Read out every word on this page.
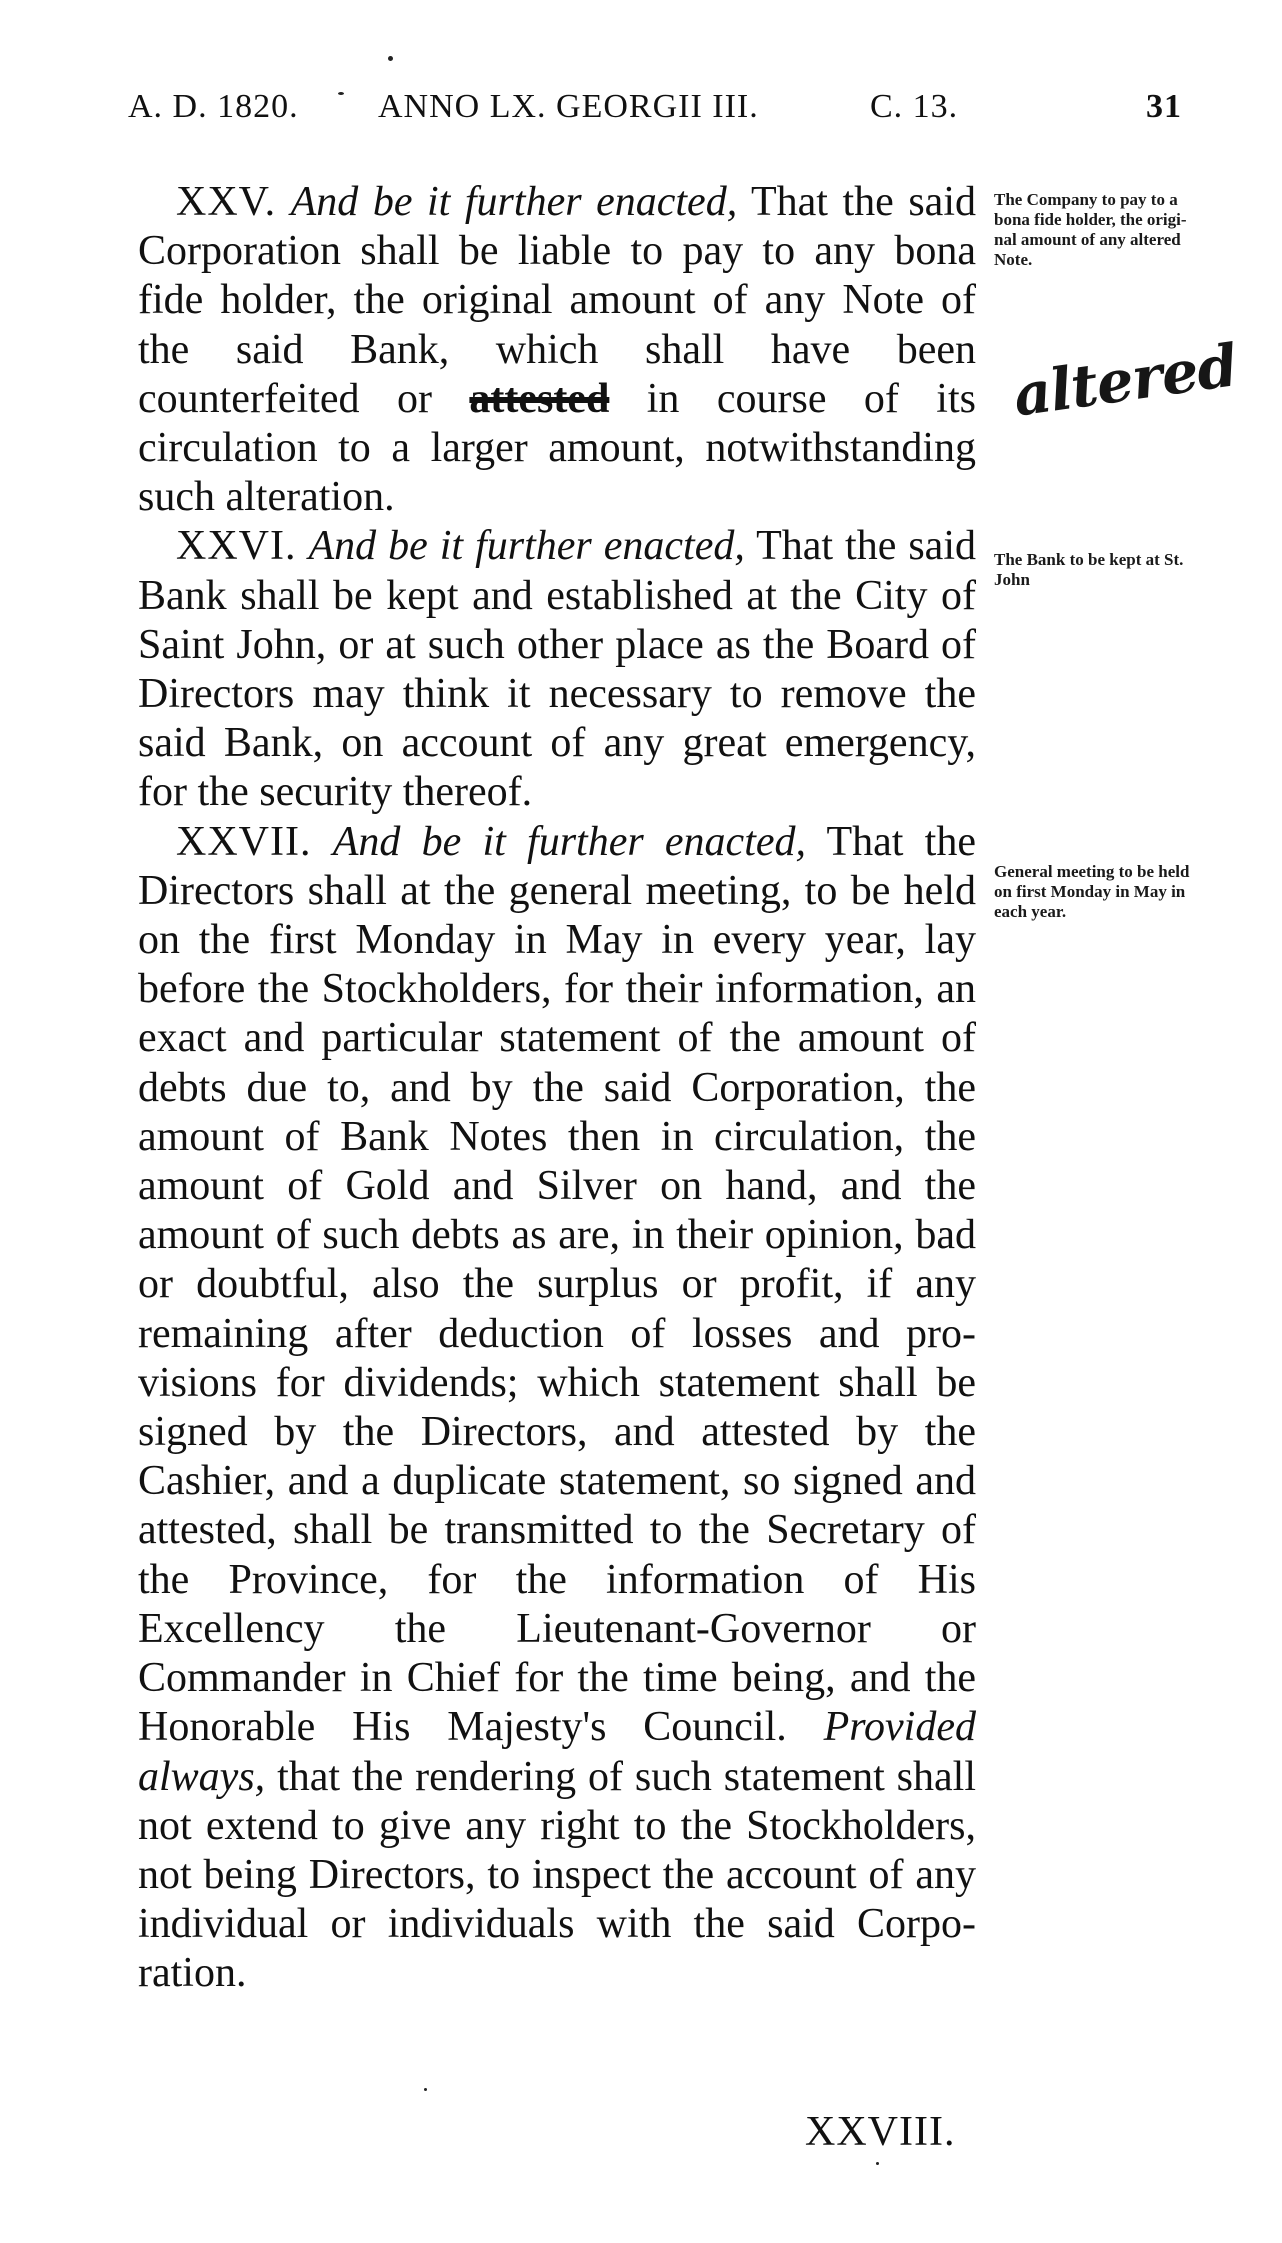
A. D. 1820. ANNO LX. GEORGII III.	C. 13.	31

XXV. And be it further enacted, That the said Corporation shall be liable to pay to any bona fide holder, the original amount of any Note of the said Bank, which shall have been counterfeited or attested in course of its circulation to a larger amount, notwithstanding such alteration.

XXVI. And be it further enacted, That the said Bank shall be kept and established at the City of Saint John, or at such other place as the Board of Directors may think it necessary to remove the said Bank, on account of any great emergency, for the security thereof.

XXVII. And be it further enacted, That the Directors shall at the general meeting, to be held on the first Monday in May in every year, lay before the Stockholders, for their information, an exact and particular statement of the amount of debts due to, and by the said Corporation, the amount of Bank Notes then in circulation, the amount of Gold and Silver on hand, and the amount of such debts as are, in their opinion, bad or doubtful, also the surplus or profit, if any remaining after deduction of losses and provisions for dividends; which statement shall be signed by the Directors, and attested by the Cashier, and a duplicate statement, so signed and attested, shall be transmitted to the Secretary of the Province, for the information of His Excellency the Lieutenant-Governor or Commander in Chief for the time being, and the Honorable His Majesty's Council. Provided always, that the rendering of such statement shall not extend to give any right to the Stockholders, not being Directors, to inspect the account of any individual or individuals with the said Corporation.

The Company to pay to a bona fide holder, the original amount of any altered Note.
The Bank to be kept at St. John
General meeting to be held on first Monday in May in each year.
altered
XXVIII.
